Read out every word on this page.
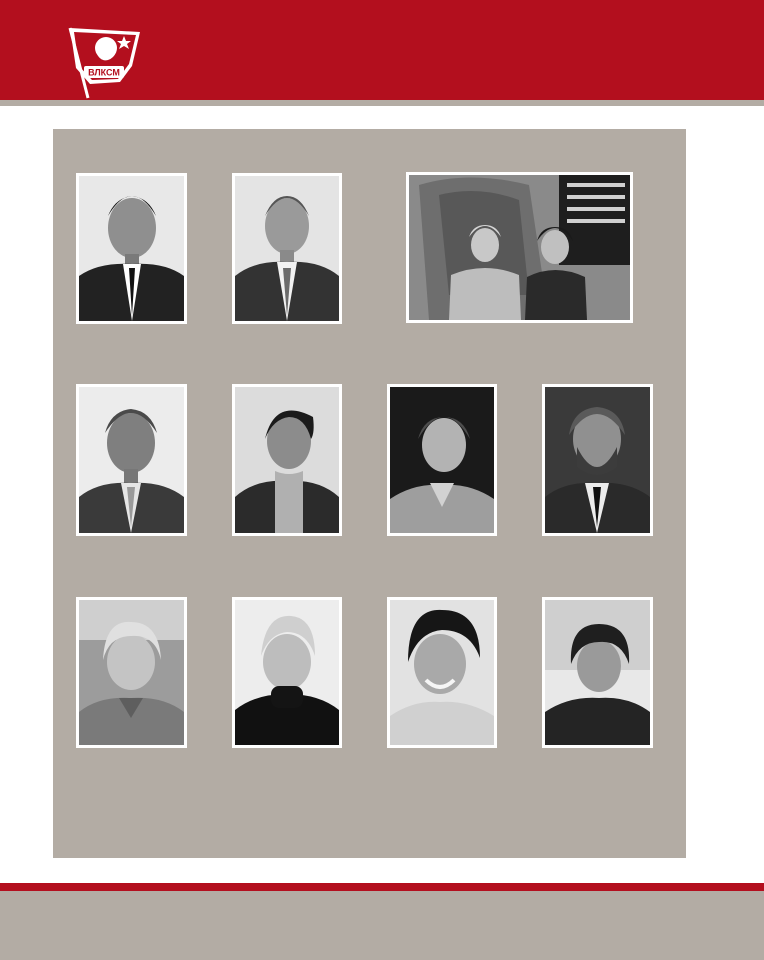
ВЛКСМ
